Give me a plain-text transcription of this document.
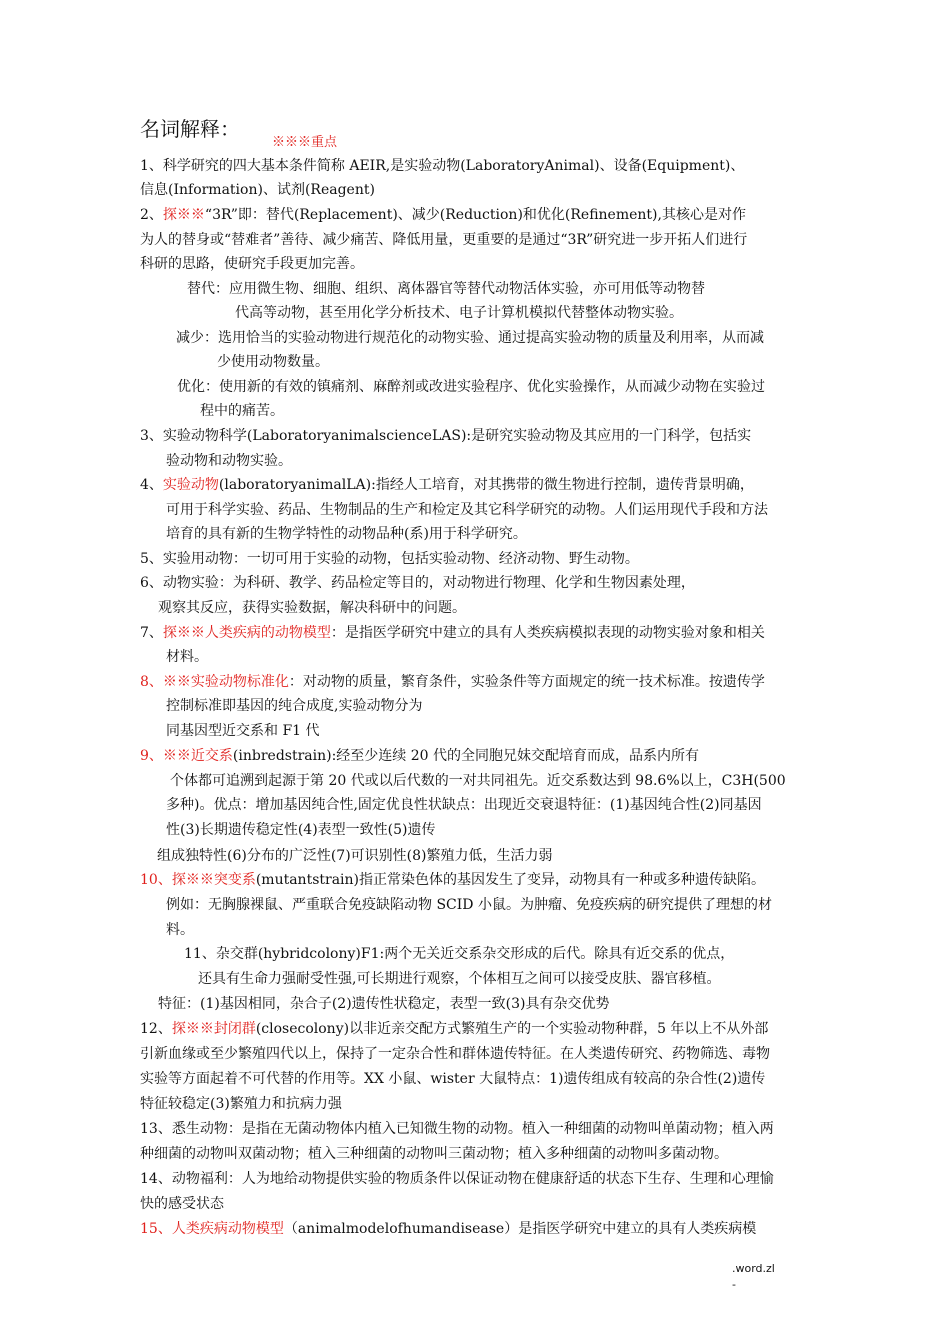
名词解释：
※※※重点
1、科学研究的四大基本条件简称 AEIR,是实验动物(LaboratoryAnimal)、设备(Equipment)、
信息(Information)、试剂(Reagent)
2、探※※“3R”即：替代(Replacement)、减少(Reduction)和优化(Refinement),其核心是对作
为人的替身或“替难者”善待、减少痛苦、降低用量，更重要的是通过“3R”研究进一步开拓人们进行
科研的思路，使研究手段更加完善。
替代：应用微生物、细胞、组织、离体器官等替代动物活体实验，亦可用低等动物替
代高等动物，甚至用化学分析技术、电子计算机模拟代替整体动物实验。
减少：选用恰当的实验动物进行规范化的动物实验、通过提高实验动物的质量及利用率，从而减
少使用动物数量。
优化：使用新的有效的镇痛剂、麻醉剂或改进实验程序、优化实验操作，从而减少动物在实验过
程中的痛苦。
3、实验动物科学(LaboratoryanimalscienceLAS):是研究实验动物及其应用的一门科学，包括实
验动物和动物实验。
4、实验动物(laboratoryanimalLA):指经人工培育，对其携带的微生物进行控制，遗传背景明确，
可用于科学实验、药品、生物制品的生产和检定及其它科学研究的动物。人们运用现代手段和方法
培育的具有新的生物学特性的动物品种(系)用于科学研究。
5、实验用动物：一切可用于实验的动物，包括实验动物、经济动物、野生动物。
6、动物实验：为科研、教学、药品检定等目的，对动物进行物理、化学和生物因素处理，
观察其反应，获得实验数据，解决科研中的问题。
7、探※※人类疾病的动物模型：是指医学研究中建立的具有人类疾病模拟表现的动物实验对象和相关
材料。
8、※※实验动物标准化：对动物的质量，繁育条件，实验条件等方面规定的统一技术标准。按遗传学
控制标准即基因的纯合成度,实验动物分为
同基因型近交系和 F1 代
9、※※近交系(inbredstrain):经至少连续 20 代的全同胞兄妹交配培育而成，品系内所有
个体都可追溯到起源于第 20 代或以后代数的一对共同祖先。近交系数达到 98.6%以上，C3H(500
多种)。优点：增加基因纯合性,固定优良性状缺点：出现近交衰退特征：(1)基因纯合性(2)同基因
性(3)长期遗传稳定性(4)表型一致性(5)遗传
组成独特性(6)分布的广泛性(7)可识别性(8)繁殖力低，生活力弱
10、探※※突变系(mutantstrain)指正常染色体的基因发生了变异，动物具有一种或多种遗传缺陷。
例如：无胸腺裸鼠、严重联合免疫缺陷动物 SCID 小鼠。为肿瘤、免疫疾病的研究提供了理想的材
料。
11、杂交群(hybridcolony)F1:两个无关近交系杂交形成的后代。除具有近交系的优点，
还具有生命力强耐受性强,可长期进行观察，个体相互之间可以接受皮肤、器官移植。
特征：(1)基因相同，杂合子(2)遗传性状稳定，表型一致(3)具有杂交优势
12、探※※封闭群(closecolony)以非近亲交配方式繁殖生产的一个实验动物种群，5 年以上不从外部
引新血缘或至少繁殖四代以上，保持了一定杂合性和群体遗传特征。在人类遗传研究、药物筛选、毒物
实验等方面起着不可代替的作用等。XX 小鼠、wister 大鼠特点：1)遗传组成有较高的杂合性(2)遗传
特征较稳定(3)繁殖力和抗病力强
13、悉生动物：是指在无菌动物体内植入已知微生物的动物。植入一种细菌的动物叫单菌动物；植入两
种细菌的动物叫双菌动物；植入三种细菌的动物叫三菌动物；植入多种细菌的动物叫多菌动物。
14、动物福利：人为地给动物提供实验的物质条件以保证动物在健康舒适的状态下生存、生理和心理愉
快的感受状态
15、人类疾病动物模型（animalmodelofhumandisease）是指医学研究中建立的具有人类疾病模
.word.zl
-
